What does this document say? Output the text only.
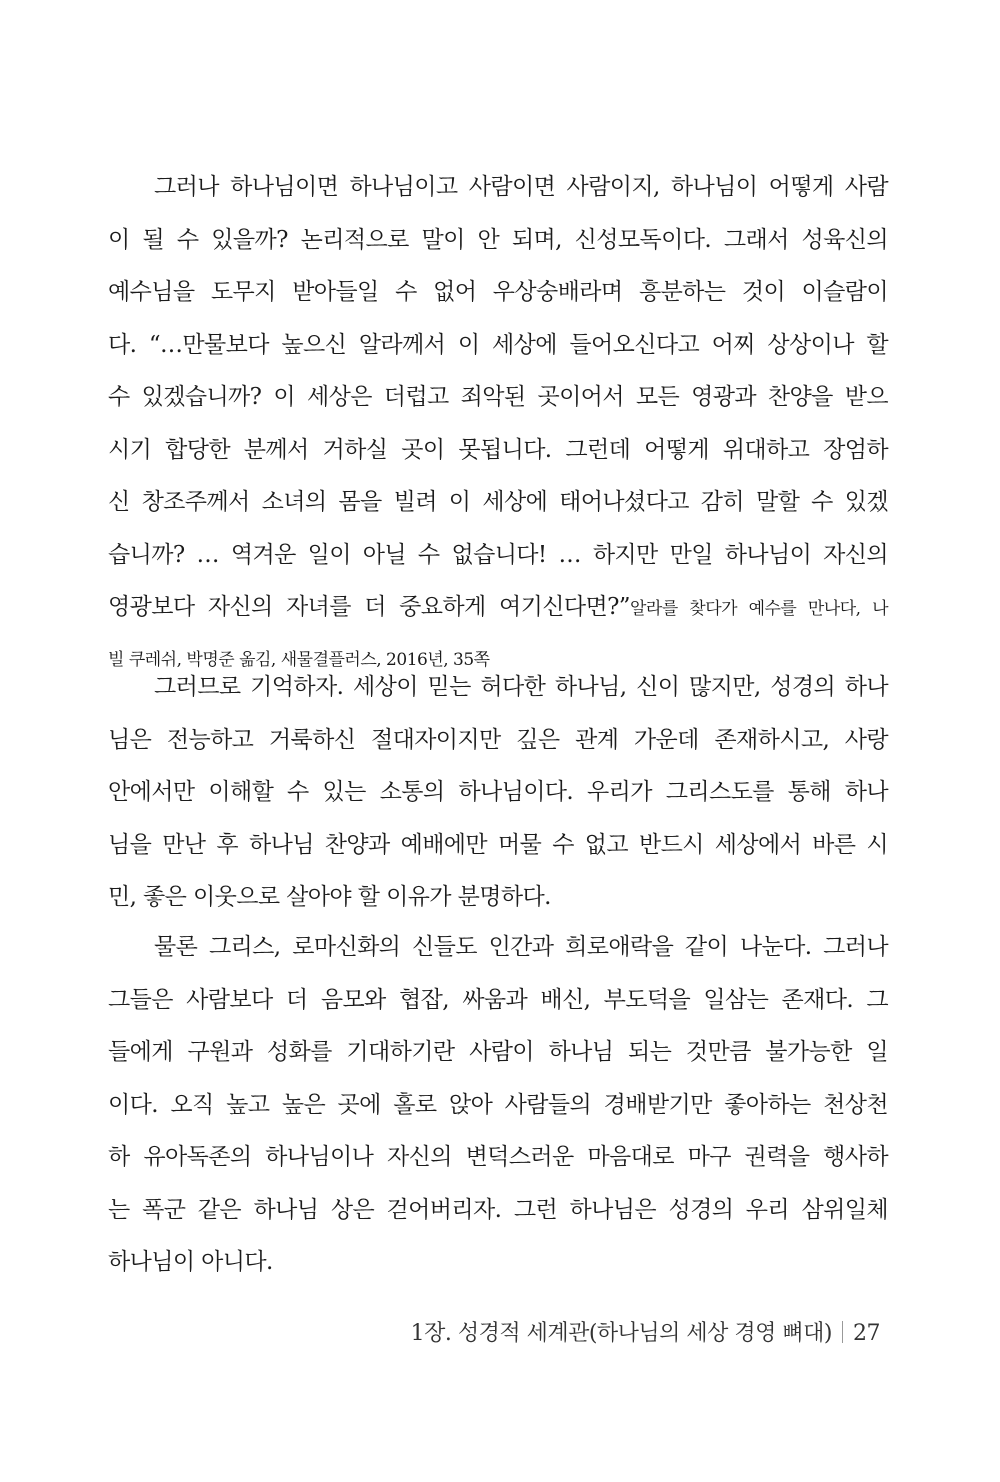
그러나 하나님이면 하나님이고 사람이면 사람이지, 하나님이 어떻게 사람
이 될 수 있을까? 논리적으로 말이 안 되며, 신성모독이다. 그래서 성육신의
예수님을 도무지 받아들일 수 없어 우상숭배라며 흥분하는 것이 이슬람이
다. “…만물보다 높으신 알라께서 이 세상에 들어오신다고 어찌 상상이나 할
수 있겠습니까? 이 세상은 더럽고 죄악된 곳이어서 모든 영광과 찬양을 받으
시기 합당한 분께서 거하실 곳이 못됩니다. 그런데 어떻게 위대하고 장엄하
신 창조주께서 소녀의 몸을 빌려 이 세상에 태어나셨다고 감히 말할 수 있겠
습니까? … 역겨운 일이 아닐 수 없습니다! … 하지만 만일 하나님이 자신의
영광보다 자신의 자녀를 더 중요하게 여기신다면?”알라를 찾다가 예수를 만나다, 나
빌 쿠레쉬, 박명준 옮김, 새물결플러스, 2016년, 35쪽
그러므로 기억하자. 세상이 믿는 허다한 하나님, 신이 많지만, 성경의 하나
님은 전능하고 거룩하신 절대자이지만 깊은 관계 가운데 존재하시고, 사랑
안에서만 이해할 수 있는 소통의 하나님이다. 우리가 그리스도를 통해 하나
님을 만난 후 하나님 찬양과 예배에만 머물 수 없고 반드시 세상에서 바른 시
민, 좋은 이웃으로 살아야 할 이유가 분명하다.
물론 그리스, 로마신화의 신들도 인간과 희로애락을 같이 나눈다. 그러나
그들은 사람보다 더 음모와 협잡, 싸움과 배신, 부도덕을 일삼는 존재다. 그
들에게 구원과 성화를 기대하기란 사람이 하나님 되는 것만큼 불가능한 일
이다. 오직 높고 높은 곳에 홀로 앉아 사람들의 경배받기만 좋아하는 천상천
하 유아독존의 하나님이나 자신의 변덕스러운 마음대로 마구 권력을 행사하
는 폭군 같은 하나님 상은 걷어버리자. 그런 하나님은 성경의 우리 삼위일체
하나님이 아니다.
1장. 성경적 세계관(하나님의 세상 경영 뼈대) 27
